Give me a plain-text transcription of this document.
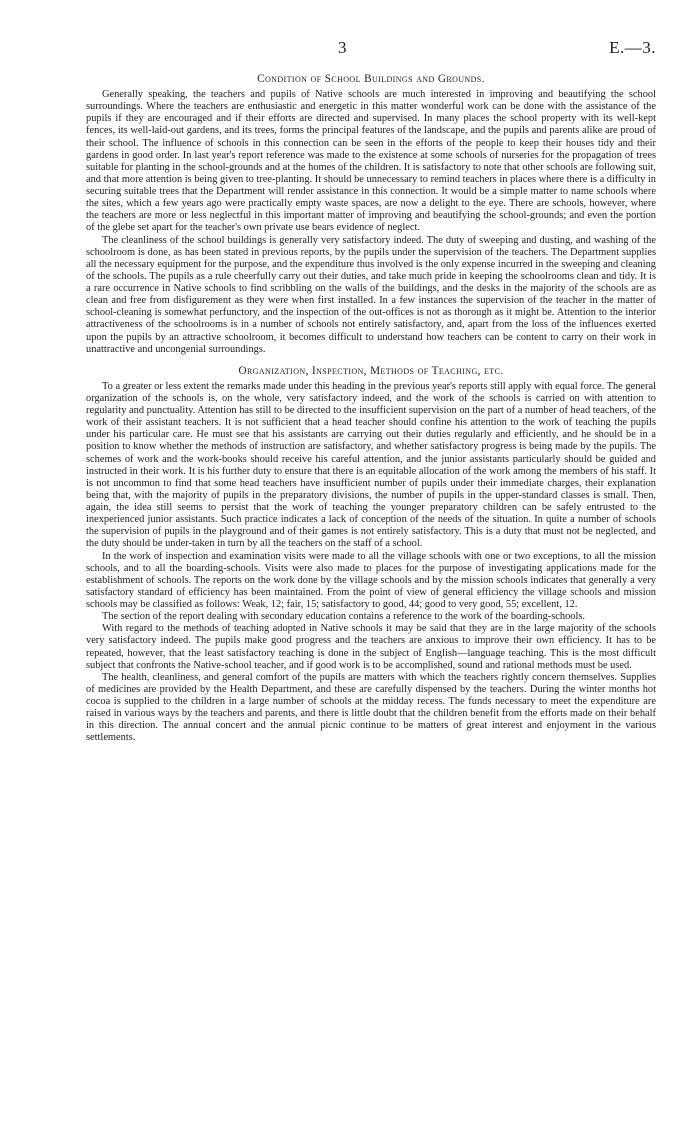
3	E.—3.
Condition of School Buildings and Grounds.

Generally speaking, the teachers and pupils of Native schools are much interested in improving and beautifying the school surroundings. Where the teachers are enthusiastic and energetic in this matter wonderful work can be done with the assistance of the pupils if they are encouraged and if their efforts are directed and supervised. In many places the school property with its well-kept fences, its well-laid-out gardens, and its trees, forms the principal features of the landscape, and the pupils and parents alike are proud of their school. The influence of schools in this connection can be seen in the efforts of the people to keep their houses tidy and their gardens in good order. In last year's report reference was made to the existence at some schools of nurseries for the propagation of trees suitable for planting in the school-grounds and at the homes of the children. It is satisfactory to note that other schools are following suit, and that more attention is being given to tree-planting. It should be unnecessary to remind teachers in places where there is a difficulty in securing suitable trees that the Department will render assistance in this connection. It would be a simple matter to name schools where the sites, which a few years ago were practically empty waste spaces, are now a delight to the eye. There are schools, however, where the teachers are more or less neglectful in this important matter of improving and beautifying the school-grounds; and even the portion of the glebe set apart for the teacher's own private use bears evidence of neglect.

The cleanliness of the school buildings is generally very satisfactory indeed. The duty of sweeping and dusting, and washing of the schoolroom is done, as has been stated in previous reports, by the pupils under the supervision of the teachers. The Department supplies all the necessary equipment for the purpose, and the expenditure thus involved is the only expense incurred in the sweeping and cleaning of the schools. The pupils as a rule cheerfully carry out their duties, and take much pride in keeping the schoolrooms clean and tidy. It is a rare occurrence in Native schools to find scribbling on the walls of the buildings, and the desks in the majority of the schools are as clean and free from disfigurement as they were when first installed. In a few instances the supervision of the teacher in the matter of school-cleaning is somewhat perfunctory, and the inspection of the out-offices is not as thorough as it might be. Attention to the interior attractiveness of the schoolrooms is in a number of schools not entirely satisfactory, and, apart from the loss of the influences exerted upon the pupils by an attractive schoolroom, it becomes difficult to understand how teachers can be content to carry on their work in unattractive and uncongenial surroundings.

Organization, Inspection, Methods of Teaching, etc.

To a greater or less extent the remarks made under this heading in the previous year's reports still apply with equal force. The general organization of the schools is, on the whole, very satisfactory indeed, and the work of the schools is carried on with attention to regularity and punctuality. Attention has still to be directed to the insufficient supervision on the part of a number of head teachers, of the work of their assistant teachers. It is not sufficient that a head teacher should confine his attention to the work of teaching the pupils under his particular care. He must see that his assistants are carrying out their duties regularly and efficiently, and he should be in a position to know whether the methods of instruction are satisfactory, and whether satisfactory progress is being made by the pupils. The schemes of work and the work-books should receive his careful attention, and the junior assistants particularly should be guided and instructed in their work. It is his further duty to ensure that there is an equitable allocation of the work among the members of his staff. It is not uncommon to find that some head teachers have insufficient number of pupils under their immediate charges, their explanation being that, with the majority of pupils in the preparatory divisions, the number of pupils in the upper-standard classes is small. Then, again, the idea still seems to persist that the work of teaching the younger preparatory children can be safely entrusted to the inexperienced junior assistants. Such practice indicates a lack of conception of the needs of the situation. In quite a number of schools the supervision of pupils in the playground and of their games is not entirely satisfactory. This is a duty that must not be neglected, and the duty should be under-taken in turn by all the teachers on the staff of a school.

In the work of inspection and examination visits were made to all the village schools with one or two exceptions, to all the mission schools, and to all the boarding-schools. Visits were also made to places for the purpose of investigating applications made for the establishment of schools. The reports on the work done by the village schools and by the mission schools indicates that generally a very satisfactory standard of efficiency has been maintained. From the point of view of general efficiency the village schools and mission schools may be classified as follows: Weak, 12; fair, 15; satisfactory to good, 44; good to very good, 55; excellent, 12.

The section of the report dealing with secondary education contains a reference to the work of the boarding-schools.

With regard to the methods of teaching adopted in Native schools it may be said that they are in the large majority of the schools very satisfactory indeed. The pupils make good progress and the teachers are anxious to improve their own efficiency. It has to be repeated, however, that the least satisfactory teaching is done in the subject of English—language teaching. This is the most difficult subject that confronts the Native-school teacher, and if good work is to be accomplished, sound and rational methods must be used.

The health, cleanliness, and general comfort of the pupils are matters with which the teachers rightly concern themselves. Supplies of medicines are provided by the Health Department, and these are carefully dispensed by the teachers. During the winter months hot cocoa is supplied to the children in a large number of schools at the midday recess. The funds necessary to meet the expenditure are raised in various ways by the teachers and parents, and there is little doubt that the children benefit from the efforts made on their behalf in this direction. The annual concert and the annual picnic continue to be matters of great interest and enjoyment in the various settlements.
